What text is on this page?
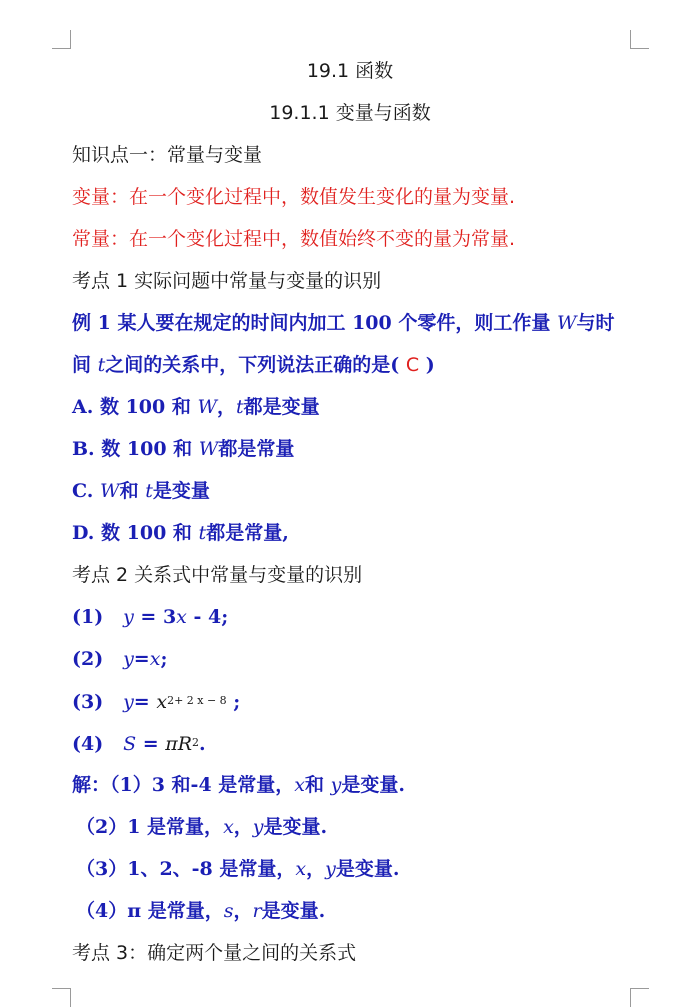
19.1 函数
19.1.1 变量与函数
知识点一：常量与变量
变量：在一个变化过程中，数值发生变化的量为变量.
常量：在一个变化过程中，数值始终不变的量为常量.
考点 1 实际问题中常量与变量的识别
例 1 某人要在规定的时间内加工 100 个零件，则工作量 W与时
间 t之间的关系中，下列说法正确的是( C )
A. 数 100 和 W，t都是变量
B. 数 100 和 W都是常量
C. W和 t是变量
D. 数 100 和 t都是常量,
考点 2 关系式中常量与变量的识别
(1) y = 3x - 4;
(2) y=x;
(3) $y= x^{2+ 2 x - 8}$ ;
(4) $S = \pi R^2$.
解：（1）3 和-4 是常量，x和 y是变量.
（2）1 是常量，x，y是变量.
（3）1、2、-8 是常量，x，y是变量.
（4）π 是常量，s，r是变量.
考点 3：确定两个量之间的关系式
